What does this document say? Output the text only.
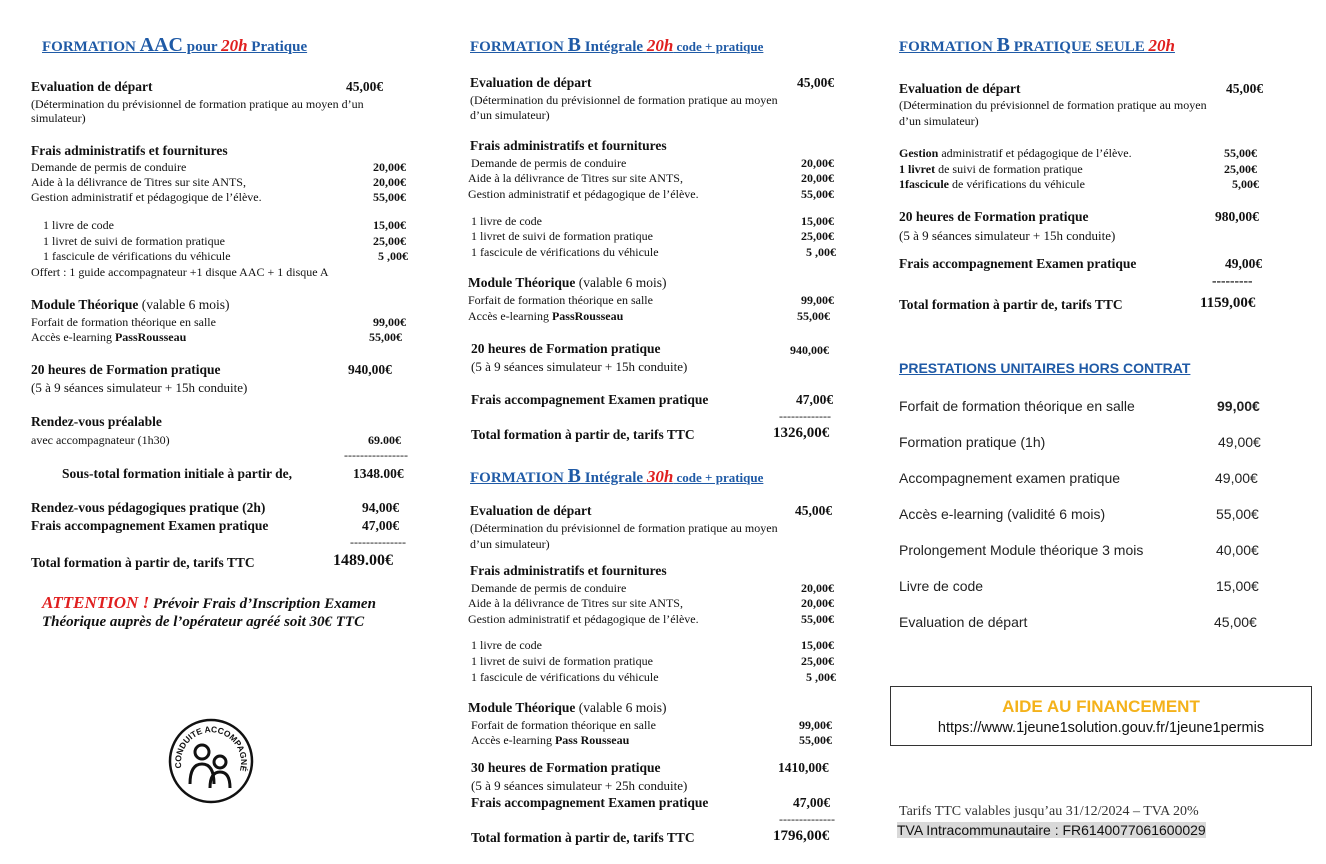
FORMATION AAC pour 20h Pratique
Evaluation de départ	45,00€
(Détermination du prévisionnel de formation pratique au moyen d’un
simulateur)
Frais administratifs et fournitures
Demande de permis de conduire	20,00€
Aide à la délivrance de Titres sur site ANTS,	20,00€
Gestion administratif et pédagogique de l’élève.	55,00€
1 livre de code	15,00€
1 livret de suivi de formation pratique	25,00€
1 fascicule de vérifications du véhicule	5 ,00€
Offert : 1 guide accompagnateur +1 disque AAC + 1 disque A
Module Théorique (valable 6 mois)
Forfait de formation théorique en salle	99,00€
Accès e-learning PassRousseau	55,00€
20 heures de Formation pratique	940,00€
(5 à 9 séances simulateur + 15h conduite)
Rendez-vous préalable
avec accompagnateur (1h30)	69.00€
----------------
Sous-total formation initiale à partir de,	1348.00€
Rendez-vous pédagogiques pratique (2h)	94,00€
Frais accompagnement Examen pratique	47,00€
--------------
Total formation à partir de, tarifs TTC	1489.00€
ATTENTION ! Prévoir Frais d’Inscription Examen
Théorique auprès de l’opérateur agréé soit 30€ TTC
CONDUITE ACCOMPAGNÉ
FORMATION B Intégrale 20h code + pratique
Evaluation de départ	45,00€
(Détermination du prévisionnel de formation pratique au moyen
d’un simulateur)
Frais administratifs et fournitures
Demande de permis de conduire	20,00€
Aide à la délivrance de Titres sur site ANTS,	20,00€
Gestion administratif et pédagogique de l’élève.	55,00€
1 livre de code	15,00€
1 livret de suivi de formation pratique	25,00€
1 fascicule de vérifications du véhicule	5 ,00€
Module Théorique (valable 6 mois)
Forfait de formation théorique en salle	99,00€
Accès e-learning PassRousseau	55,00€
20 heures de Formation pratique	940,00€
(5 à 9 séances simulateur + 15h conduite)
Frais accompagnement Examen pratique	47,00€
-------------
Total formation à partir de, tarifs TTC	1326,00€
FORMATION B Intégrale 30h code + pratique
Evaluation de départ	45,00€
(Détermination du prévisionnel de formation pratique au moyen
d’un simulateur)
Frais administratifs et fournitures
Demande de permis de conduire	20,00€
Aide à la délivrance de Titres sur site ANTS,	20,00€
Gestion administratif et pédagogique de l’élève.	55,00€
1 livre de code	15,00€
1 livret de suivi de formation pratique	25,00€
1 fascicule de vérifications du véhicule	5 ,00€
Module Théorique (valable 6 mois)
Forfait de formation théorique en salle	99,00€
Accès e-learning Pass Rousseau	55,00€
30 heures de Formation pratique	1410,00€
(5 à 9 séances simulateur + 25h conduite)
Frais accompagnement Examen pratique	47,00€
--------------
Total formation à partir de, tarifs TTC	1796,00€
FORMATION B PRATIQUE SEULE 20h
Evaluation de départ	45,00€
(Détermination du prévisionnel de formation pratique au moyen
d’un simulateur)
Gestion administratif et pédagogique de l’élève.	55,00€
1 livret de suivi de formation pratique	25,00€
1fascicule de vérifications du véhicule	5,00€
20 heures de Formation pratique	980,00€
(5 à 9 séances simulateur + 15h conduite)
Frais accompagnement Examen pratique	49,00€
---------
Total formation à partir de, tarifs TTC	1159,00€
PRESTATIONS UNITAIRES HORS CONTRAT
Forfait de formation théorique en salle	99,00€
Formation pratique (1h)	49,00€
Accompagnement examen pratique	49,00€
Accès e-learning (validité 6 mois)	55,00€
Prolongement Module théorique 3 mois	40,00€
Livre de code	15,00€
Evaluation de départ	45,00€
AIDE AU FINANCEMENT
https://www.1jeune1solution.gouv.fr/1jeune1permis
Tarifs TTC valables jusqu’au 31/12/2024 – TVA 20%
TVA Intracommunautaire : FR6140077061600029
